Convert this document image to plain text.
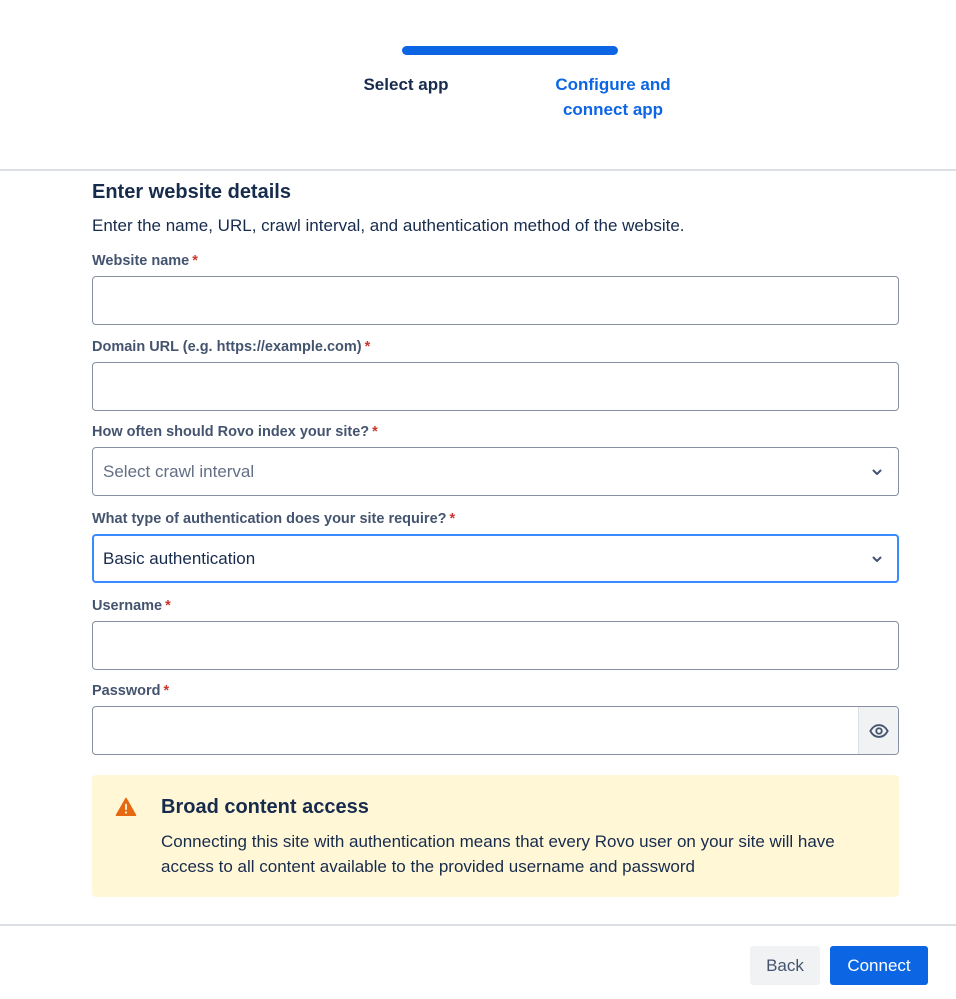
Select app	Configure and connect app
Enter website details
Enter the name, URL, crawl interval, and authentication method of the website.
Website name *
Domain URL (e.g. https://example.com) *
How often should Rovo index your site? *
Select crawl interval
What type of authentication does your site require? *
Basic authentication
Username *
Password *
Broad content access
Connecting this site with authentication means that every Rovo user on your site will have access to all content available to the provided username and password
Back	Connect
